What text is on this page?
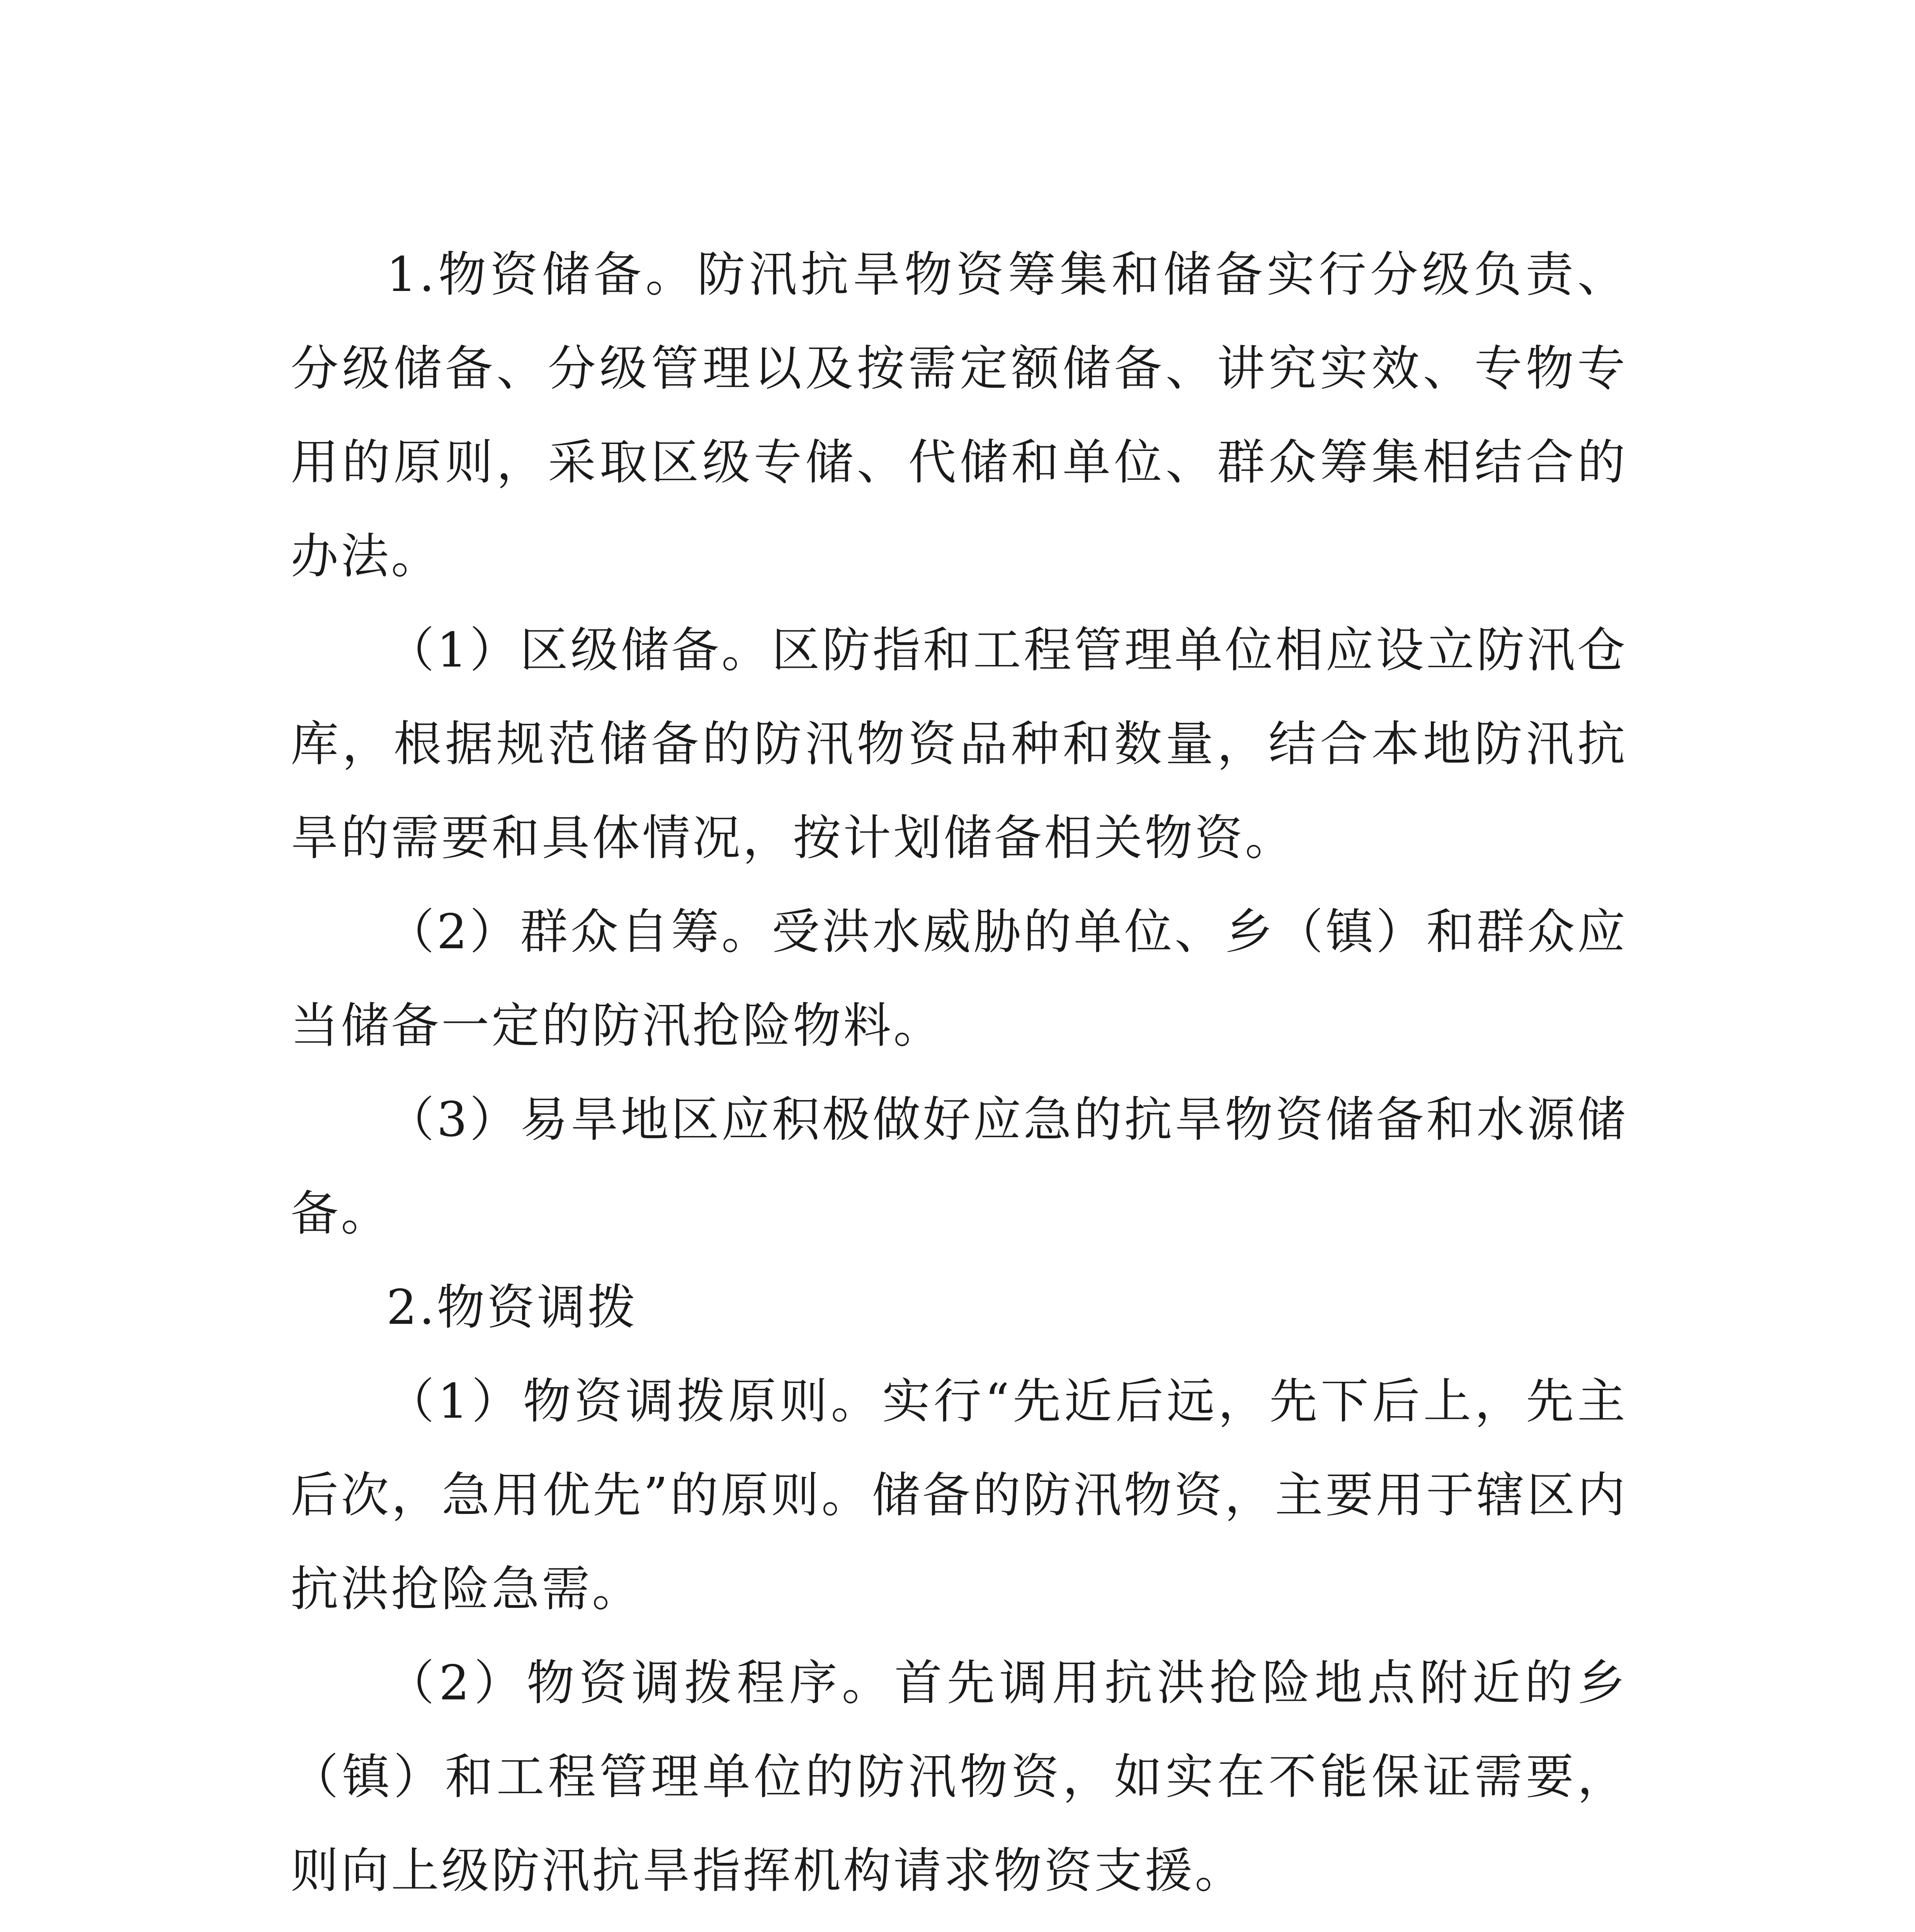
1.物资储备。防汛抗旱物资筹集和储备实行分级负责、分级储备、分级管理以及按需定额储备、讲究实效、专物专用的原则，采取区级专储、代储和单位、群众筹集相结合的办法。

（1）区级储备。区防指和工程管理单位相应设立防汛仓库，根据规范储备的防汛物资品种和数量，结合本地防汛抗旱的需要和具体情况，按计划储备相关物资。

（2）群众自筹。受洪水威胁的单位、乡（镇）和群众应当储备一定的防汛抢险物料。

（3）易旱地区应积极做好应急的抗旱物资储备和水源储备。

2.物资调拨

（1）物资调拨原则。实行“先近后远，先下后上，先主后次，急用优先”的原则。储备的防汛物资，主要用于辖区内抗洪抢险急需。

（2）物资调拨程序。首先调用抗洪抢险地点附近的乡（镇）和工程管理单位的防汛物资，如实在不能保证需要，则向上级防汛抗旱指挥机构请求物资支援。
